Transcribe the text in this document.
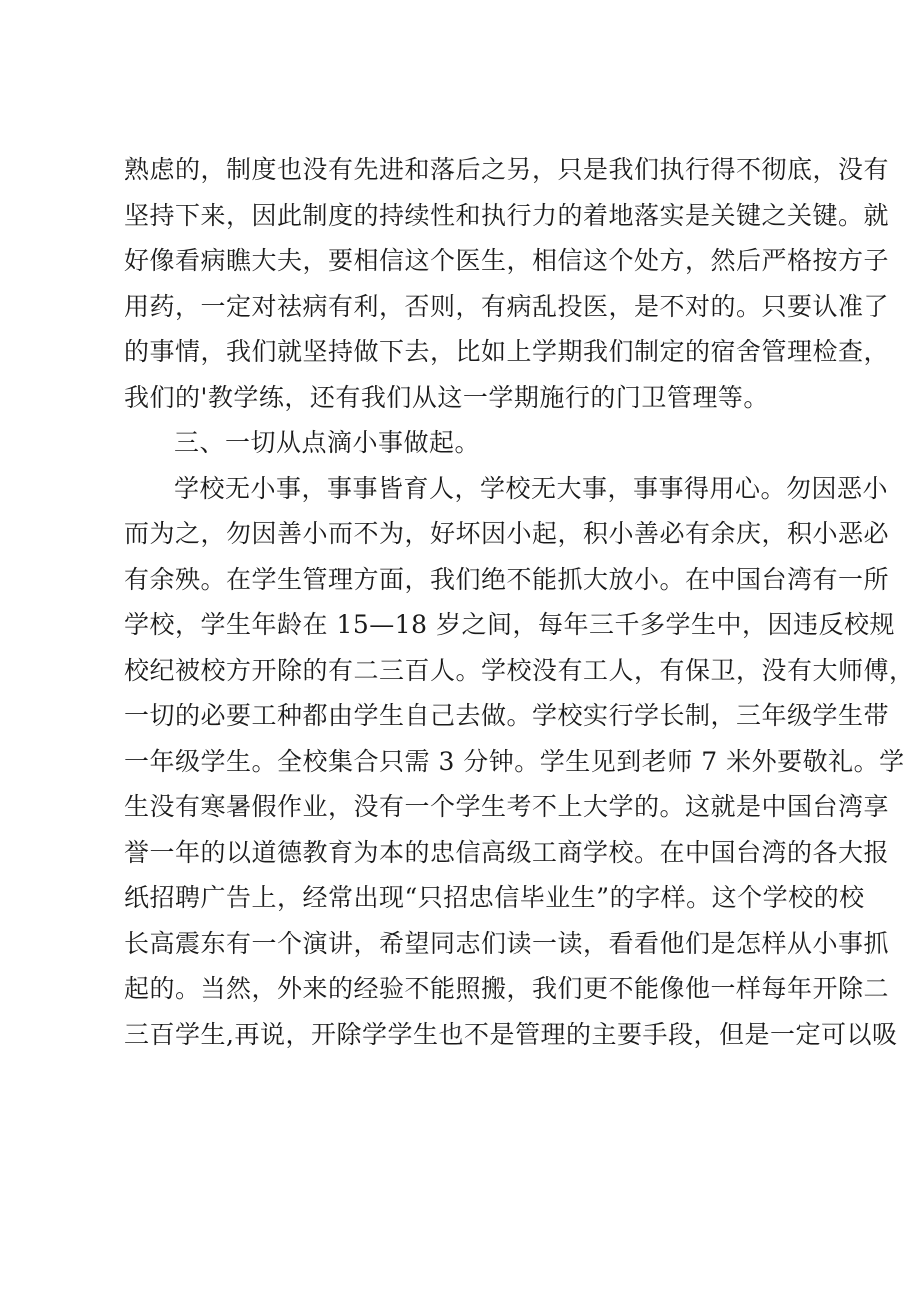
熟虑的，制度也没有先进和落后之另，只是我们执行得不彻底，没有
坚持下来，因此制度的持续性和执行力的着地落实是关键之关键。就
好像看病瞧大夫，要相信这个医生，相信这个处方，然后严格按方子
用药，一定对祛病有利，否则，有病乱投医，是不对的。只要认准了
的事情，我们就坚持做下去，比如上学期我们制定的宿舍管理检查，
我们的'教学练，还有我们从这一学期施行的门卫管理等。
三、一切从点滴小事做起。
学校无小事，事事皆育人，学校无大事，事事得用心。勿因恶小
而为之，勿因善小而不为，好坏因小起，积小善必有余庆，积小恶必
有余殃。在学生管理方面，我们绝不能抓大放小。在中国台湾有一所
学校，学生年龄在 15—18 岁之间，每年三千多学生中，因违反校规
校纪被校方开除的有二三百人。学校没有工人，有保卫，没有大师傅，
一切的必要工种都由学生自己去做。学校实行学长制，三年级学生带
一年级学生。全校集合只需 3 分钟。学生见到老师 7 米外要敬礼。学
生没有寒暑假作业，没有一个学生考不上大学的。这就是中国台湾享
誉一年的以道德教育为本的忠信高级工商学校。在中国台湾的各大报
纸招聘广告上，经常出现“只招忠信毕业生”的字样。这个学校的校
长高震东有一个演讲，希望同志们读一读，看看他们是怎样从小事抓
起的。当然，外来的经验不能照搬，我们更不能像他一样每年开除二
三百学生,再说，开除学学生也不是管理的主要手段，但是一定可以吸
